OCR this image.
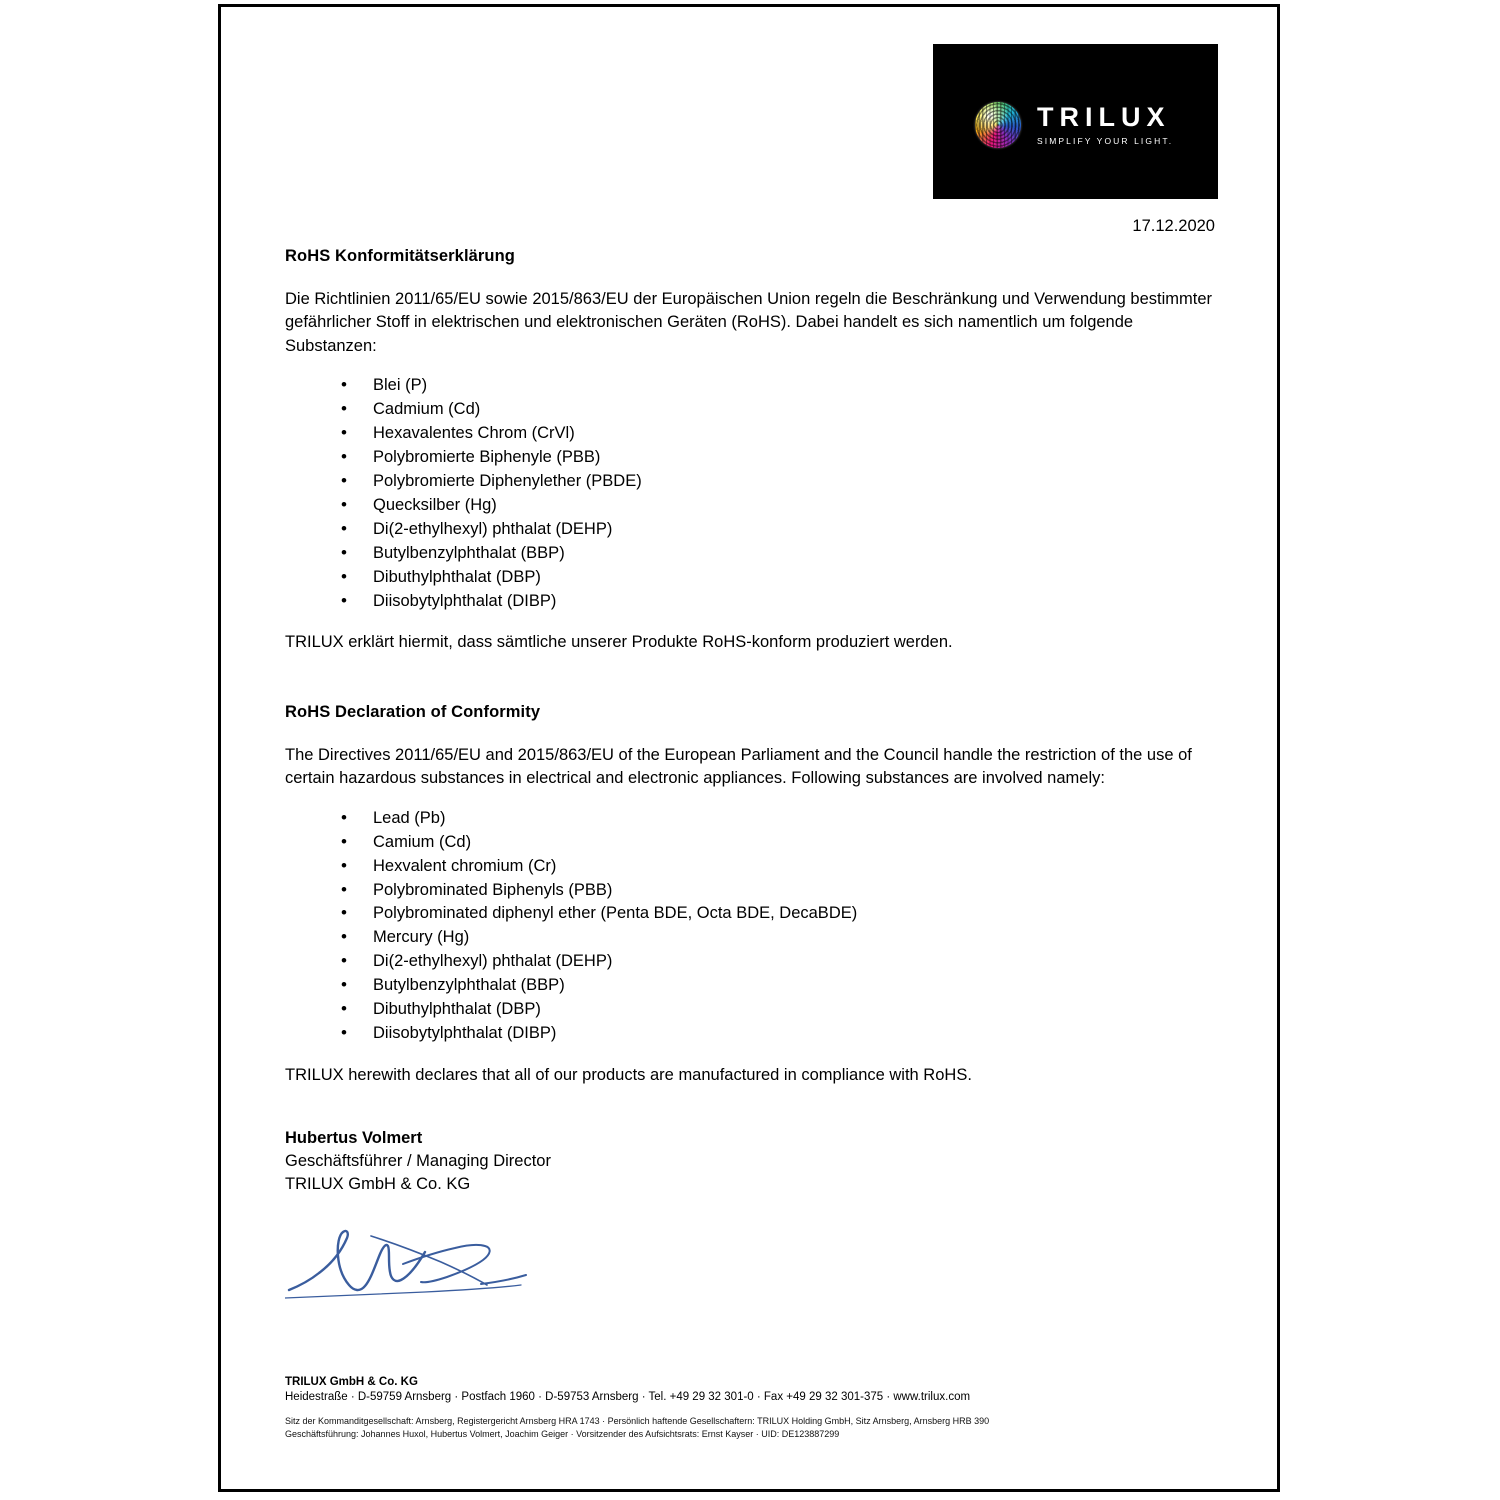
TRILUX
SIMPLIFY YOUR LIGHT.
17.12.2020
RoHS Konformitätserklärung

Die Richtlinien 2011/65/EU sowie 2015/863/EU der Europäischen Union regeln die Beschränkung und Verwendung bestimmter gefährlicher Stoff in elektrischen und elektronischen Geräten (RoHS). Dabei handelt es sich namentlich um folgende Substanzen:

• Blei (P)
• Cadmium (Cd)
• Hexavalentes Chrom (CrVl)
• Polybromierte Biphenyle (PBB)
• Polybromierte Diphenylether (PBDE)
• Quecksilber (Hg)
• Di(2-ethylhexyl) phthalat (DEHP)
• Butylbenzylphthalat (BBP)
• Dibuthylphthalat (DBP)
• Diisobytylphthalat (DIBP)

TRILUX erklärt hiermit, dass sämtliche unserer Produkte RoHS-konform produziert werden.

RoHS Declaration of Conformity

The Directives 2011/65/EU and 2015/863/EU of the European Parliament and the Council handle the restriction of the use of certain hazardous substances in electrical and electronic appliances. Following substances are involved namely:

• Lead (Pb)
• Camium (Cd)
• Hexvalent chromium (Cr)
• Polybrominated Biphenyls (PBB)
• Polybrominated diphenyl ether (Penta BDE, Octa BDE, DecaBDE)
• Mercury (Hg)
• Di(2-ethylhexyl) phthalat (DEHP)
• Butylbenzylphthalat (BBP)
• Dibuthylphthalat (DBP)
• Diisobytylphthalat (DIBP)

TRILUX herewith declares that all of our products are manufactured in compliance with RoHS.

Hubertus Volmert

Geschäftsführer / Managing Director

TRILUX GmbH & Co. KG

TRILUX GmbH & Co. KG

Heidestraße · D-59759 Arnsberg · Postfach 1960 · D-59753 Arnsberg · Tel. +49 29 32 301-0 · Fax +49 29 32 301-375 · www.trilux.com

Sitz der Kommanditgesellschaft: Arnsberg, Registergericht Arnsberg HRA 1743 · Persönlich haftende Gesellschaftern: TRILUX Holding GmbH, Sitz Arnsberg, Arnsberg HRB 390

Geschäftsführung: Johannes Huxol, Hubertus Volmert, Joachim Geiger · Vorsitzender des Aufsichtsrats: Ernst Kayser · UID: DE123887299
